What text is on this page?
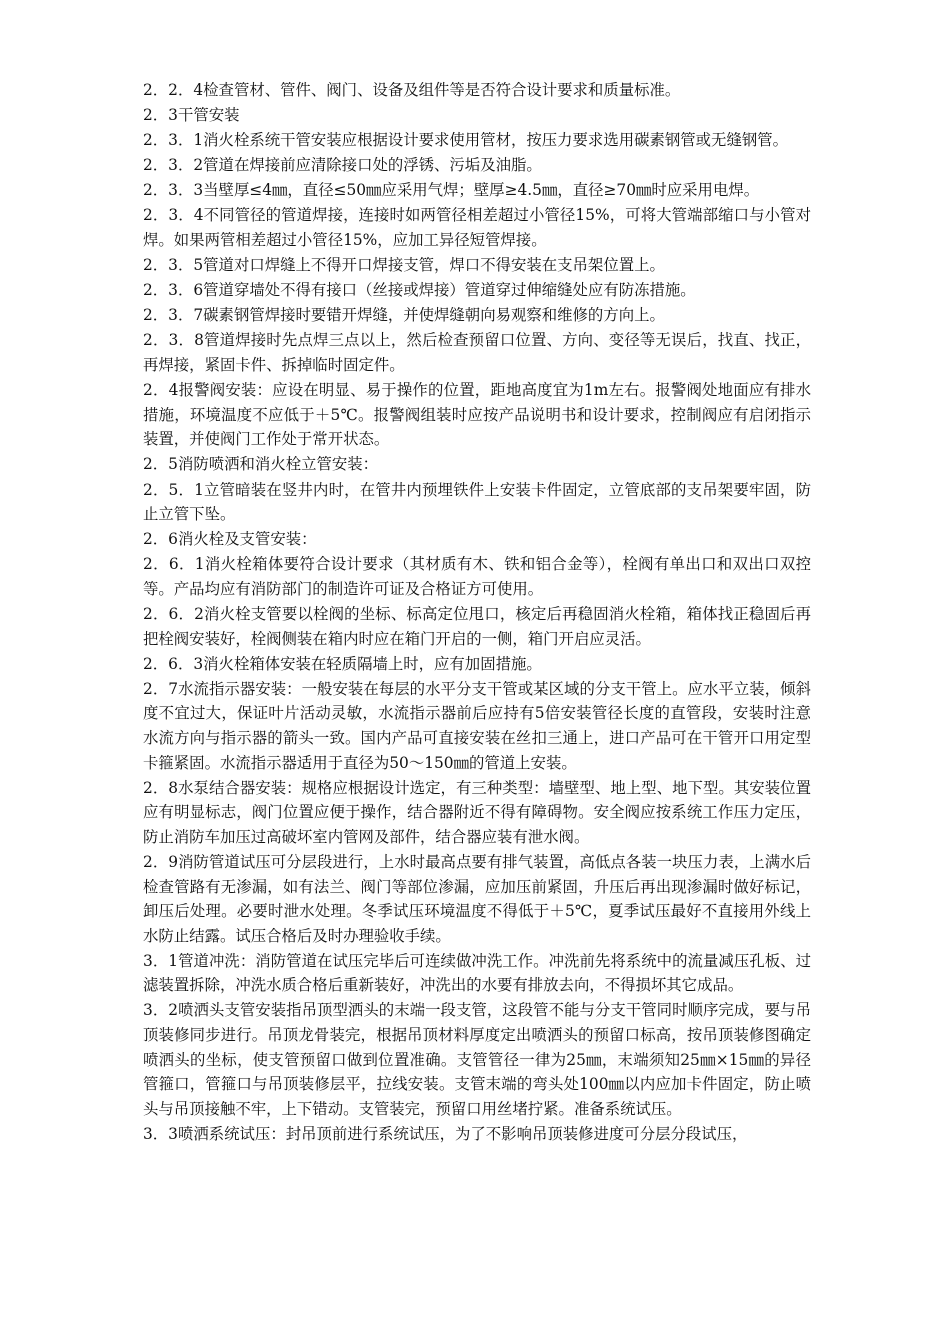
2．2．4检查管材、管件、阀门、设备及组件等是否符合设计要求和质量标准。

2．3干管安装

2．3．1消火栓系统干管安装应根据设计要求使用管材，按压力要求选用碳素钢管或无缝钢管。

2．3．2管道在焊接前应清除接口处的浮锈、污垢及油脂。

2．3．3当壁厚≤4㎜，直径≤50㎜应采用气焊；壁厚≥4.5㎜，直径≥70㎜时应采用电焊。

2．3．4不同管径的管道焊接，连接时如两管径相差超过小管径15%，可将大管端部缩口与小管对焊。如果两管相差超过小管径15%，应加工异径短管焊接。

2．3．5管道对口焊缝上不得开口焊接支管，焊口不得安装在支吊架位置上。

2．3．6管道穿墙处不得有接口（丝接或焊接）管道穿过伸缩缝处应有防冻措施。

2．3．7碳素钢管焊接时要错开焊缝，并使焊缝朝向易观察和维修的方向上。

2．3．8管道焊接时先点焊三点以上，然后检查预留口位置、方向、变径等无误后，找直、找正，再焊接，紧固卡件、拆掉临时固定件。

2．4报警阀安装：应设在明显、易于操作的位置，距地高度宜为1m左右。报警阀处地面应有排水措施，环境温度不应低于＋5℃。报警阀组装时应按产品说明书和设计要求，控制阀应有启闭指示装置，并使阀门工作处于常开状态。

2．5消防喷洒和消火栓立管安装：

2．5．1立管暗装在竖井内时，在管井内预埋铁件上安装卡件固定，立管底部的支吊架要牢固，防止立管下坠。

2．6消火栓及支管安装：

2．6．1消火栓箱体要符合设计要求（其材质有木、铁和铝合金等），栓阀有单出口和双出口双控等。产品均应有消防部门的制造许可证及合格证方可使用。

2．6．2消火栓支管要以栓阀的坐标、标高定位甩口，核定后再稳固消火栓箱，箱体找正稳固后再把栓阀安装好，栓阀侧装在箱内时应在箱门开启的一侧，箱门开启应灵活。

2．6．3消火栓箱体安装在轻质隔墙上时，应有加固措施。

2．7水流指示器安装：一般安装在每层的水平分支干管或某区域的分支干管上。应水平立装，倾斜度不宜过大，保证叶片活动灵敏，水流指示器前后应持有5倍安装管径长度的直管段，安装时注意水流方向与指示器的箭头一致。国内产品可直接安装在丝扣三通上，进口产品可在干管开口用定型卡箍紧固。水流指示器适用于直径为50～150㎜的管道上安装。

2．8水泵结合器安装：规格应根据设计选定，有三种类型：墙壁型、地上型、地下型。其安装位置应有明显标志，阀门位置应便于操作，结合器附近不得有障碍物。安全阀应按系统工作压力定压，防止消防车加压过高破坏室内管网及部件，结合器应装有泄水阀。

2．9消防管道试压可分层段进行，上水时最高点要有排气装置，高低点各装一块压力表，上满水后检查管路有无渗漏，如有法兰、阀门等部位渗漏，应加压前紧固，升压后再出现渗漏时做好标记，卸压后处理。必要时泄水处理。冬季试压环境温度不得低于＋5℃，夏季试压最好不直接用外线上水防止结露。试压合格后及时办理验收手续。

3．1管道冲洗：消防管道在试压完毕后可连续做冲洗工作。冲洗前先将系统中的流量减压孔板、过滤装置拆除，冲洗水质合格后重新装好，冲洗出的水要有排放去向，不得损坏其它成品。

3．2喷洒头支管安装指吊顶型洒头的末端一段支管，这段管不能与分支干管同时顺序完成，要与吊顶装修同步进行。吊顶龙骨装完，根据吊顶材料厚度定出喷洒头的预留口标高，按吊顶装修图确定喷洒头的坐标，使支管预留口做到位置准确。支管管径一律为25㎜，末端须知25㎜×15㎜的异径管箍口，管箍口与吊顶装修层平，拉线安装。支管末端的弯头处100㎜以内应加卡件固定，防止喷头与吊顶接触不牢，上下错动。支管装完，预留口用丝堵拧紧。准备系统试压。

3．3喷洒系统试压：封吊顶前进行系统试压，为了不影响吊顶装修进度可分层分段试压，
